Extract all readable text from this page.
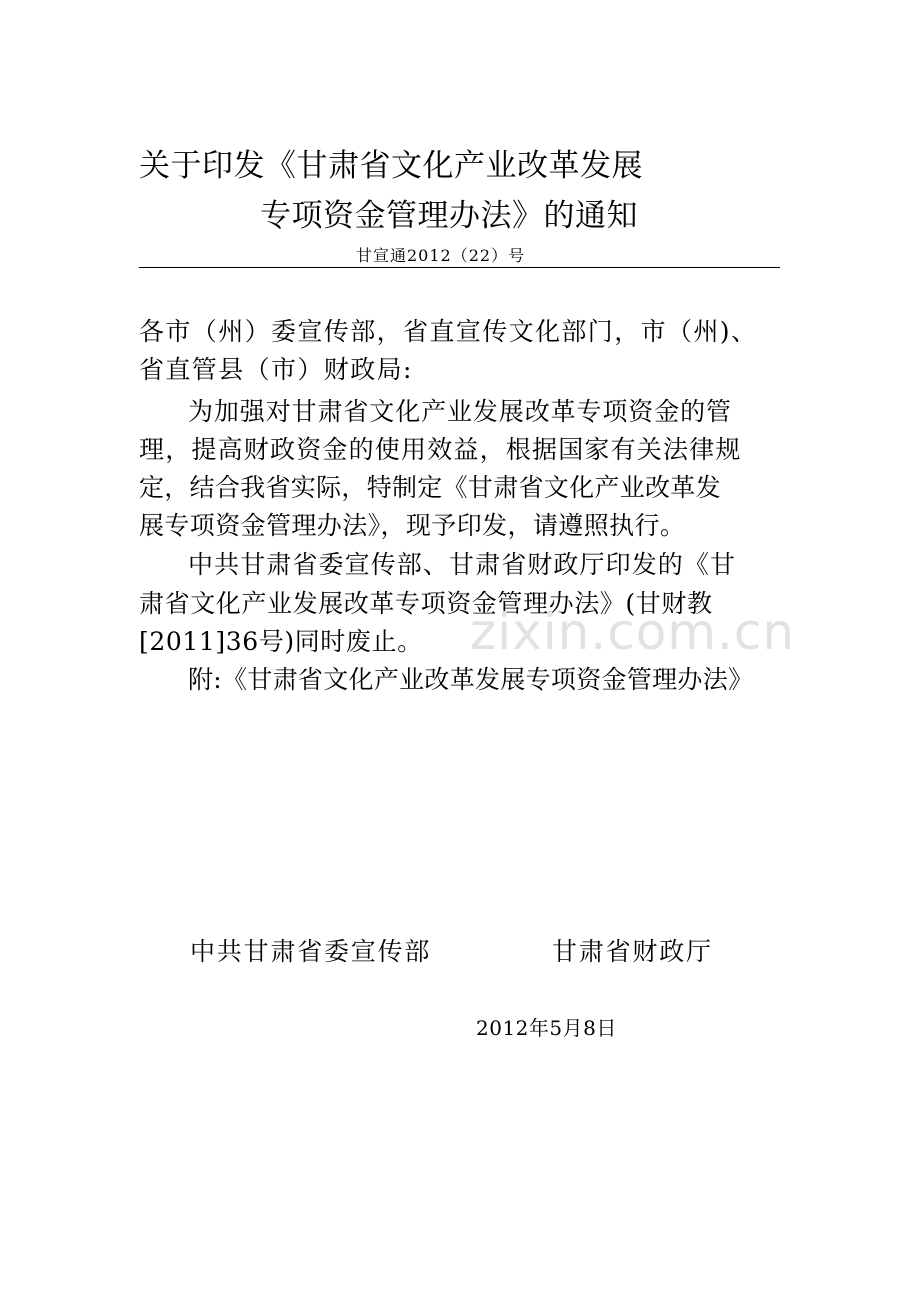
关于印发《甘肃省文化产业改革发展
专项资金管理办法》的通知
甘宣通2012（22）号
各市（州）委宣传部，省直宣传文化部门，市（州)、
省直管县（市）财政局:
为加强对甘肃省文化产业发展改革专项资金的管
理，提高财政资金的使用效益，根据国家有关法律规
定，结合我省实际，特制定《甘肃省文化产业改革发
展专项资金管理办法》，现予印发，请遵照执行。
中共甘肃省委宣传部、甘肃省财政厅印发的《甘
肃省文化产业发展改革专项资金管理办法》(甘财教
[2011]36号)同时废止。
附:《甘肃省文化产业改革发展专项资金管理办法》
zixin.com.cn
中共甘肃省委宣传部	甘肃省财政厅
2012年5月8日
